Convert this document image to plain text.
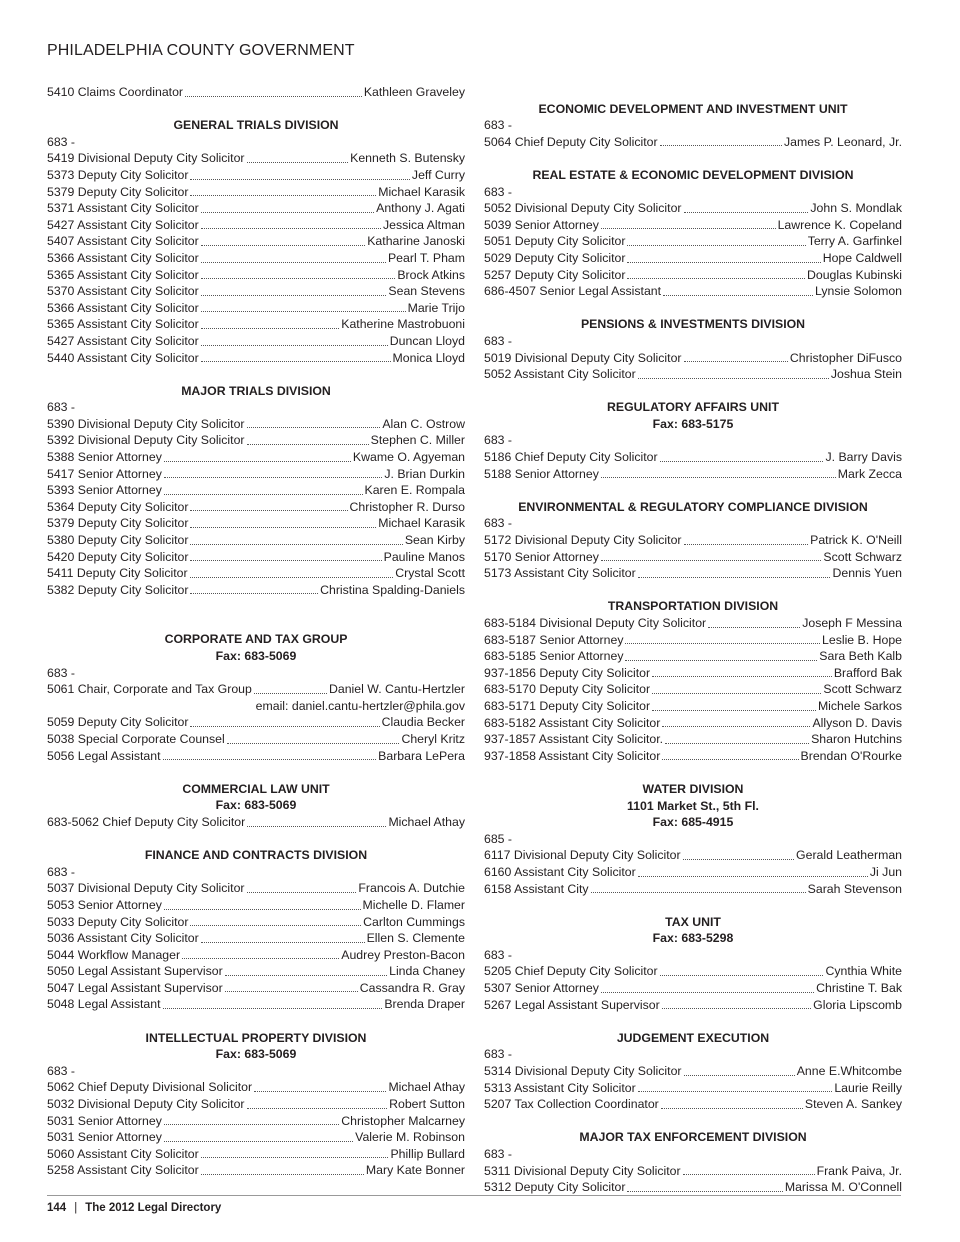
PHILADELPHIA COUNTY GOVERNMENT
5410 Claims Coordinator	Kathleen Graveley
GENERAL TRIALS DIVISION
683 -
5419 Divisional Deputy City Solicitor	Kenneth S. Butensky
5373 Deputy City Solicitor	Jeff Curry
5379 Deputy City Solicitor	Michael Karasik
5371 Assistant City Solicitor	Anthony J. Agati
5427 Assistant City Solicitor	Jessica Altman
5407 Assistant City Solicitor	Katharine Janoski
5366 Assistant City Solicitor	Pearl T. Pham
5365 Assistant City Solicitor	Brock Atkins
5370 Assistant City Solicitor	Sean Stevens
5366 Assistant City Solicitor	Marie Trijo
5365 Assistant City Solicitor	Katherine Mastrobuoni
5427 Assistant City Solicitor	Duncan Lloyd
5440 Assistant City Solicitor	Monica Lloyd
MAJOR TRIALS DIVISION
683 -
5390 Divisional Deputy City Solicitor	Alan C. Ostrow
5392 Divisional Deputy City Solicitor	Stephen C. Miller
5388 Senior Attorney	Kwame O. Agyeman
5417 Senior Attorney	J. Brian Durkin
5393 Senior Attorney	Karen E. Rompala
5364 Deputy City Solicitor	Christopher R. Durso
5379 Deputy City Solicitor	Michael Karasik
5380 Deputy City Solicitor	Sean Kirby
5420 Deputy City Solicitor	Pauline Manos
5411 Deputy City Solicitor	Crystal Scott
5382 Deputy City Solicitor	Christina Spalding-Daniels
CORPORATE AND TAX GROUP
Fax: 683-5069
683 -
5061 Chair, Corporate and Tax Group	Daniel W. Cantu-Hertzler
email: daniel.cantu-hertzler@phila.gov
5059 Deputy City Solicitor	Claudia Becker
5038 Special Corporate Counsel	Cheryl Kritz
5056 Legal Assistant	Barbara LePera
COMMERCIAL LAW UNIT
Fax: 683-5069
683-5062 Chief Deputy City Solicitor	Michael Athay
FINANCE AND CONTRACTS DIVISION
683 -
5037 Divisional Deputy City Solicitor	Francois A. Dutchie
5053 Senior Attorney	Michelle D. Flamer
5033 Deputy City Solicitor	Carlton Cummings
5036 Assistant City Solicitor	Ellen S. Clemente
5044 Workflow Manager	Audrey Preston-Bacon
5050 Legal Assistant Supervisor	Linda Chaney
5047 Legal Assistant Supervisor	Cassandra R. Gray
5048 Legal Assistant	Brenda Draper
INTELLECTUAL PROPERTY DIVISION
Fax: 683-5069
683 -
5062 Chief Deputy Divisional Solicitor	Michael Athay
5032 Divisional Deputy City Solicitor	Robert Sutton
5031 Senior Attorney	Christopher Malcarney
5031 Senior Attorney	Valerie M. Robinson
5060 Assistant City Solicitor	Phillip Bullard
5258 Assistant City Solicitor	Mary Kate Bonner
ECONOMIC DEVELOPMENT AND INVESTMENT UNIT
683 -
5064 Chief Deputy City Solicitor	James P. Leonard, Jr.
REAL ESTATE & ECONOMIC DEVELOPMENT DIVISION
683 -
5052 Divisional Deputy City Solicitor	John S. Mondlak
5039 Senior Attorney	Lawrence K. Copeland
5051 Deputy City Solicitor	Terry A. Garfinkel
5029 Deputy City Solicitor	Hope Caldwell
5257 Deputy City Solicitor	Douglas Kubinski
686-4507 Senior Legal Assistant	Lynsie Solomon
PENSIONS & INVESTMENTS DIVISION
683 -
5019 Divisional Deputy City Solicitor	Christopher DiFusco
5052 Assistant City Solicitor	Joshua Stein
REGULATORY AFFAIRS UNIT
Fax: 683-5175
683 -
5186 Chief Deputy City Solicitor	J. Barry Davis
5188 Senior Attorney	Mark Zecca
ENVIRONMENTAL & REGULATORY COMPLIANCE DIVISION
683 -
5172 Divisional Deputy City Solicitor	Patrick K. O'Neill
5170 Senior Attorney	Scott Schwarz
5173 Assistant City Solicitor	Dennis Yuen
TRANSPORTATION DIVISION
683-5184 Divisional Deputy City Solicitor	Joseph F Messina
683-5187 Senior Attorney	Leslie B. Hope
683-5185 Senior Attorney	Sara Beth Kalb
937-1856 Deputy City Solicitor	Brafford Bak
683-5170 Deputy City Solicitor	Scott Schwarz
683-5171 Deputy City Solicitor	Michele Sarkos
683-5182 Assistant City Solicitor	Allyson D. Davis
937-1857 Assistant City Solicitor.	Sharon Hutchins
937-1858 Assistant City Solicitor	Brendan O'Rourke
WATER DIVISION
1101 Market St., 5th Fl.
Fax: 685-4915
685 -
6117 Divisional Deputy City Solicitor	Gerald Leatherman
6160 Assistant City Solicitor	Ji Jun
6158 Assistant City	Sarah Stevenson
TAX UNIT
Fax: 683-5298
683 -
5205 Chief Deputy City Solicitor	Cynthia White
5307 Senior Attorney	Christine T. Bak
5267 Legal Assistant Supervisor	Gloria Lipscomb
JUDGEMENT EXECUTION
683 -
5314 Divisional Deputy City Solicitor	Anne E.Whitcombe
5313 Assistant City Solicitor	Laurie Reilly
5207 Tax Collection Coordinator	Steven A. Sankey
MAJOR TAX ENFORCEMENT DIVISION
683 -
5311 Divisional Deputy City Solicitor	Frank Paiva, Jr.
5312 Deputy City Solicitor	Marissa M. O'Connell
144 | The 2012 Legal Directory
